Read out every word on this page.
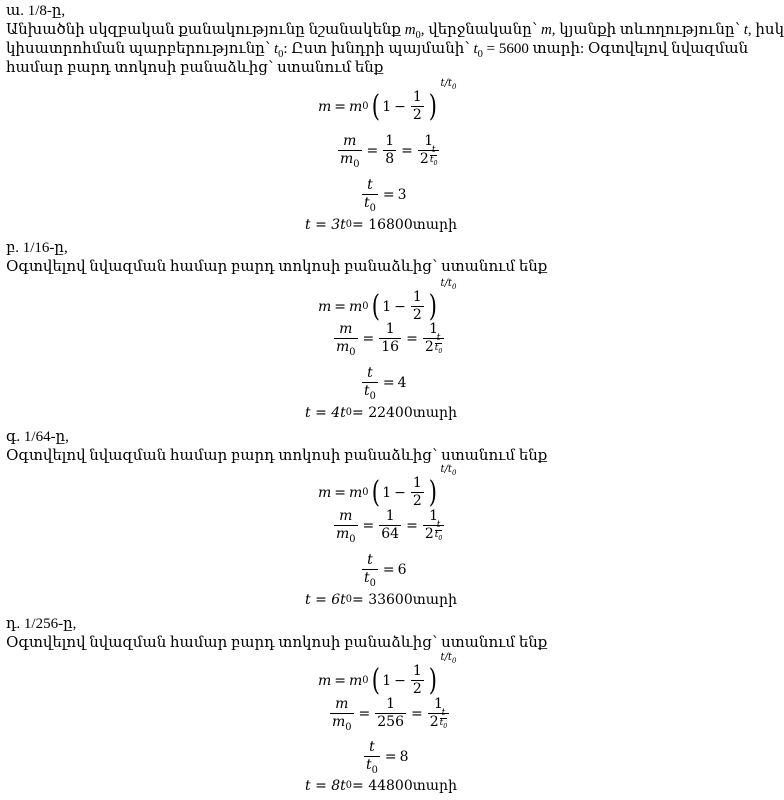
ա. 1/8-ը,
Անխածնի սկզբական քանակությունը նշանակենք $m_0$, վերջնականը՝ m, կյանքի տևողությունը՝ t, իսկ
կիսատրոհման պարբերությունը՝ $t_0$: Ըստ խնդրի պայմանի՝ $t_0 = 5600$ տարի: Օգտվելով նվազման
համար բարդ տոկոսի բանաձևից՝ ստանում ենք
m = m 0 ( $1 - \frac{1}{2}$ )
$t/t_0$
$\frac{m}{m_0} = \frac{1}{8} = 1$
2
t
$t_0$
$\frac{t}{t_0} = 3$
t = 3t 0 = 16800տարի
բ. 1/16-ը,
Օգտվելով նվազման համար բարդ տոկոսի բանաձևից՝ ստանում ենք
m = m 0 ( $1 - \frac{1}{2}$ )
$t/t_0$
$\frac{m}{m_0} = \frac{1}{16} = 1$
2
t
$t_0$
$\frac{t}{t_0} = 4$
t = 4t 0 = 22400տարի
գ. 1/64-ը,
Օգտվելով նվազման համար բարդ տոկոսի բանաձևից՝ ստանում ենք
m = m 0 ( $1 - \frac{1}{2}$ )
$t/t_0$
$\frac{m}{m_0} = \frac{1}{64} = 1$
2
t
$t_0$
$\frac{t}{t_0} = 6$
t = 6t 0 = 33600տարի
դ. 1/256-ը,
Օգտվելով նվազման համար բարդ տոկոսի բանաձևից՝ ստանում ենք
m = m 0 ( $1 - \frac{1}{2}$ )
$t/t_0$
$\frac{m}{m_0} = \frac{1}{256} = 1$
2
t
$t_0$
$\frac{t}{t_0} = 8$
t = 8t 0 = 44800տարի
